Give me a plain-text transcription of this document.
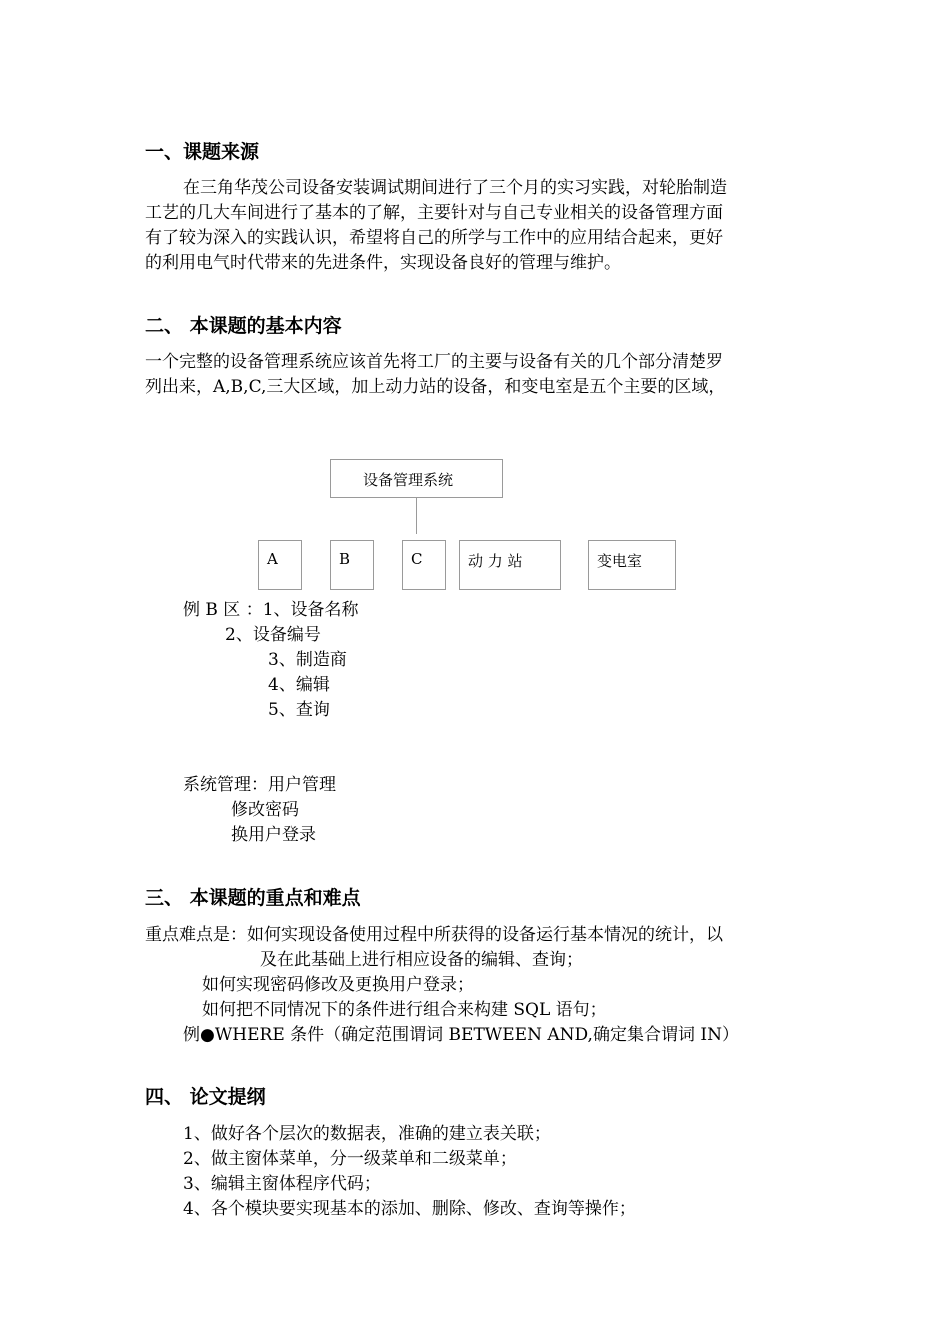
一、课题来源
在三角华茂公司设备安装调试期间进行了三个月的实习实践，对轮胎制造
工艺的几大车间进行了基本的了解，主要针对与自己专业相关的设备管理方面
有了较为深入的实践认识，希望将自己的所学与工作中的应用结合起来，更好
的利用电气时代带来的先进条件，实现设备良好的管理与维护。
二、 本课题的基本内容
一个完整的设备管理系统应该首先将工厂的主要与设备有关的几个部分清楚罗
列出来，A,B,C,三大区域，加上动力站的设备，和变电室是五个主要的区域，
设备管理系统
A	B	C	动 力 站	变电室
例 B 区 ：1、设备名称
2、设备编号
3、制造商
4、编辑
5、查询
系统管理：用户管理
修改密码
换用户登录
三、 本课题的重点和难点
重点难点是：如何实现设备使用过程中所获得的设备运行基本情况的统计，以
及在此基础上进行相应设备的编辑、查询；
如何实现密码修改及更换用户登录；
如何把不同情况下的条件进行组合来构建 SQL 语句；
例●WHERE 条件（确定范围谓词 BETWEEN AND,确定集合谓词 IN）
四、 论文提纲
1、做好各个层次的数据表，准确的建立表关联；
2、做主窗体菜单，分一级菜单和二级菜单；
3、编辑主窗体程序代码；
4、各个模块要实现基本的添加、删除、修改、查询等操作；
